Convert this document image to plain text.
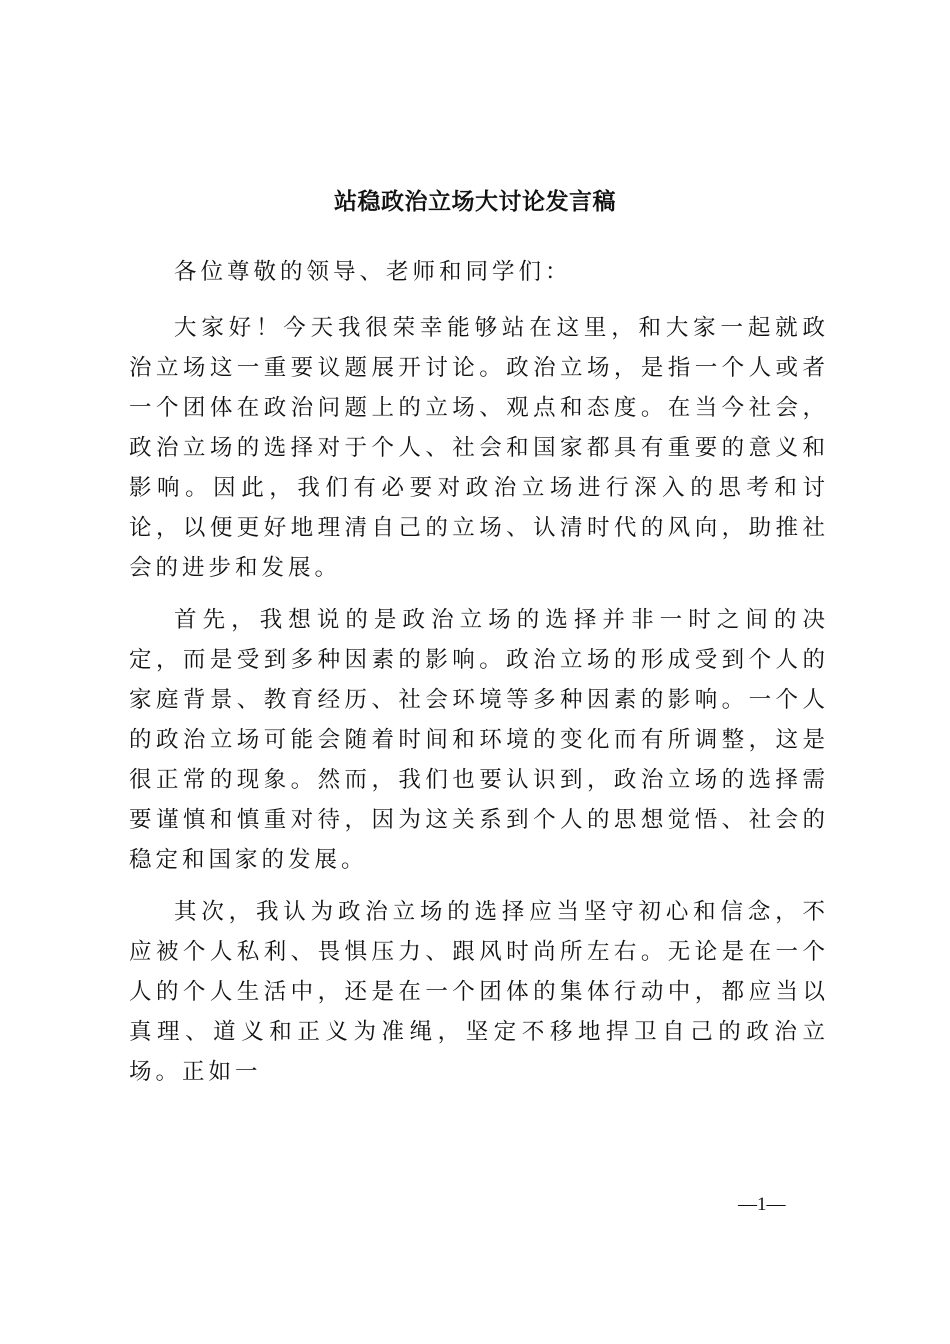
站稳政治立场大讨论发言稿

各位尊敬的领导、老师和同学们：

大家好！今天我很荣幸能够站在这里，和大家一起就政治立场这一重要议题展开讨论。政治立场，是指一个人或者一个团体在政治问题上的立场、观点和态度。在当今社会，政治立场的选择对于个人、社会和国家都具有重要的意义和影响。因此，我们有必要对政治立场进行深入的思考和讨论，以便更好地理清自己的立场、认清时代的风向，助推社会的进步和发展。

首先，我想说的是政治立场的选择并非一时之间的决定，而是受到多种因素的影响。政治立场的形成受到个人的家庭背景、教育经历、社会环境等多种因素的影响。一个人的政治立场可能会随着时间和环境的变化而有所调整，这是很正常的现象。然而，我们也要认识到，政治立场的选择需要谨慎和慎重对待，因为这关系到个人的思想觉悟、社会的稳定和国家的发展。

其次，我认为政治立场的选择应当坚守初心和信念，不应被个人私利、畏惧压力、跟风时尚所左右。无论是在一个人的个人生活中，还是在一个团体的集体行动中，都应当以真理、道义和正义为准绳，坚定不移地捍卫自己的政治立场。正如一

—1—
